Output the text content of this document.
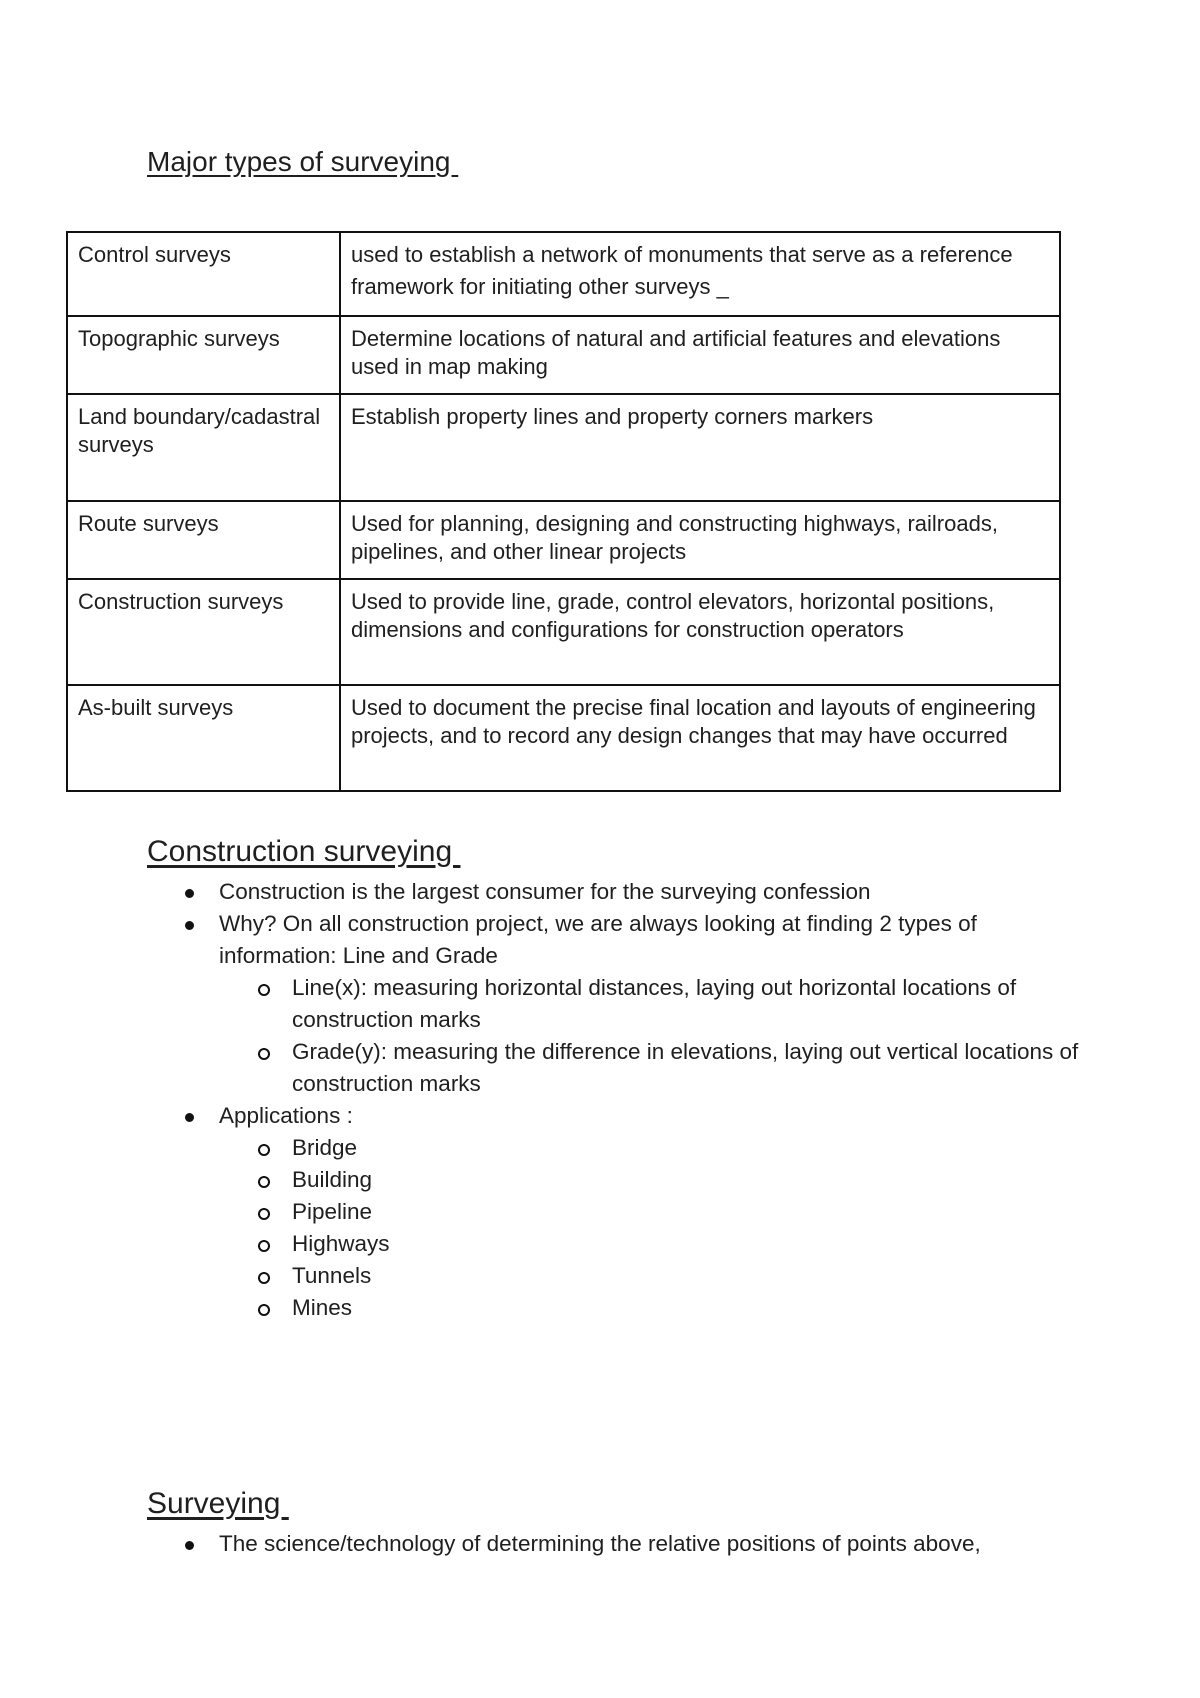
Major types of surveying
Control surveys	used to establish a network of monuments that serve as a reference framework for initiating other surveys _
Topographic surveys	Determine locations of natural and artificial features and elevations used in map making
Land boundary/cadastral surveys	Establish property lines and property corners markers
Route surveys	Used for planning, designing and constructing highways, railroads, pipelines, and other linear projects
Construction surveys	Used to provide line, grade, control elevators, horizontal positions, dimensions and configurations for construction operators
As-built surveys	Used to document the precise final location and layouts of engineering projects, and to record any design changes that may have occurred
Construction surveying
Construction is the largest consumer for the surveying confession
Why? On all construction project, we are always looking at finding 2 types of information: Line and Grade
Line(x): measuring horizontal distances, laying out horizontal locations of construction marks
Grade(y): measuring the difference in elevations, laying out vertical locations of construction marks
Applications :
Bridge
Building
Pipeline
Highways
Tunnels
Mines
Surveying
The science/technology of determining the relative positions of points above,
